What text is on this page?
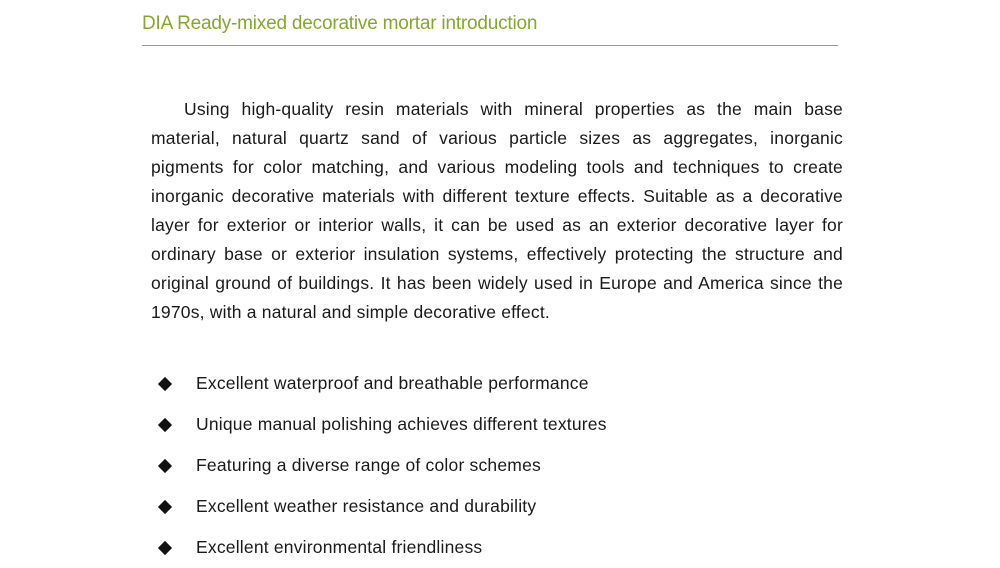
DIA Ready-mixed decorative mortar introduction

Using high-quality resin materials with mineral properties as the main base material, natural quartz sand of various particle sizes as aggregates, inorganic pigments for color matching, and various modeling tools and techniques to create inorganic decorative materials with different texture effects. Suitable as a decorative layer for exterior or interior walls, it can be used as an exterior decorative layer for ordinary base or exterior insulation systems, effectively protecting the structure and original ground of buildings. It has been widely used in Europe and America since the 1970s, with a natural and simple decorative effect.

Excellent waterproof and breathable performance
Unique manual polishing achieves different textures
Featuring a diverse range of color schemes
Excellent weather resistance and durability
Excellent environmental friendliness
